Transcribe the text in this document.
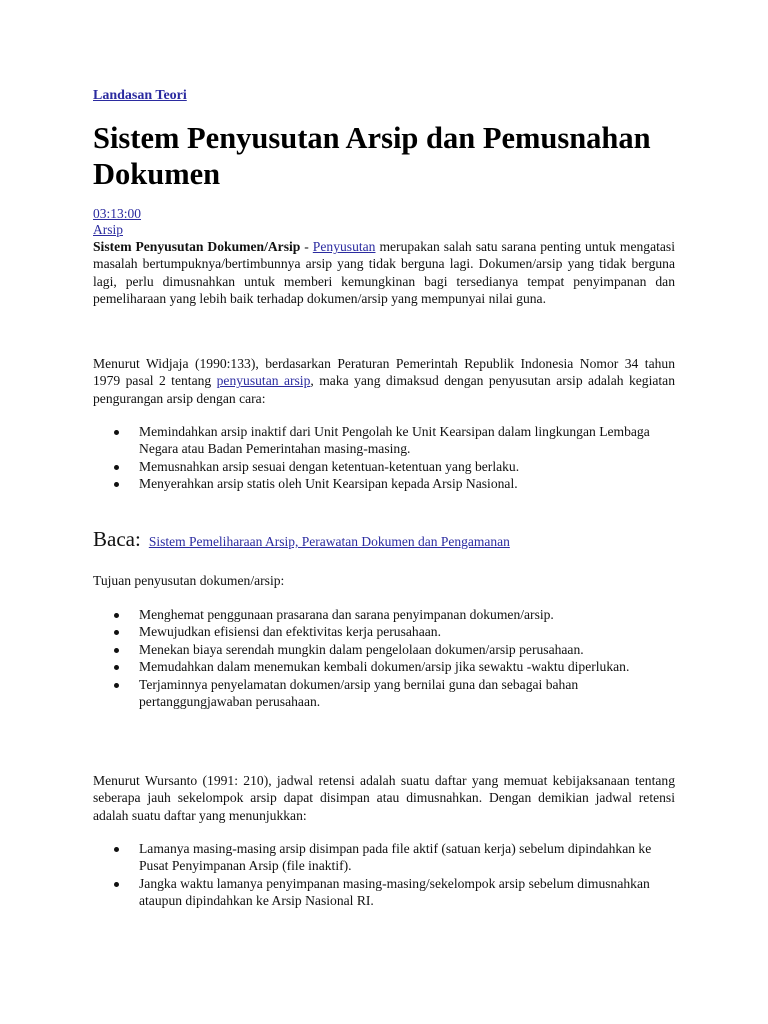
Landasan Teori
Sistem Penyusutan Arsip dan Pemusnahan Dokumen
03:13:00
Arsip

Sistem Penyusutan Dokumen/Arsip - Penyusutan merupakan salah satu sarana penting untuk mengatasi masalah bertumpuknya/bertimbunnya arsip yang tidak berguna lagi. Dokumen/arsip yang tidak berguna lagi, perlu dimusnahkan untuk memberi kemungkinan bagi tersedianya tempat penyimpanan dan pemeliharaan yang lebih baik terhadap dokumen/arsip yang mempunyai nilai guna.

Menurut Widjaja (1990:133), berdasarkan Peraturan Pemerintah Republik Indonesia Nomor 34 tahun 1979 pasal 2 tentang penyusutan arsip, maka yang dimaksud dengan penyusutan arsip adalah kegiatan pengurangan arsip dengan cara:

Memindahkan arsip inaktif dari Unit Pengolah ke Unit Kearsipan dalam lingkungan Lembaga Negara atau Badan Pemerintahan masing-masing.
Memusnahkan arsip sesuai dengan ketentuan-ketentuan yang berlaku.
Menyerahkan arsip statis oleh Unit Kearsipan kepada Arsip Nasional.
Baca: Sistem Pemeliharaan Arsip, Perawatan Dokumen dan Pengamanan

Tujuan penyusutan dokumen/arsip:

Menghemat penggunaan prasarana dan sarana penyimpanan dokumen/arsip.
Mewujudkan efisiensi dan efektivitas kerja perusahaan.
Menekan biaya serendah mungkin dalam pengelolaan dokumen/arsip perusahaan.
Memudahkan dalam menemukan kembali dokumen/arsip jika sewaktu -waktu diperlukan.
Terjaminnya penyelamatan dokumen/arsip yang bernilai guna dan sebagai bahan pertanggungjawaban perusahaan.

Menurut Wursanto (1991: 210), jadwal retensi adalah suatu daftar yang memuat kebijaksanaan tentang seberapa jauh sekelompok arsip dapat disimpan atau dimusnahkan. Dengan demikian jadwal retensi adalah suatu daftar yang menunjukkan:

Lamanya masing-masing arsip disimpan pada file aktif (satuan kerja) sebelum dipindahkan ke Pusat Penyimpanan Arsip (file inaktif).
Jangka waktu lamanya penyimpanan masing-masing/sekelompok arsip sebelum dimusnahkan ataupun dipindahkan ke Arsip Nasional RI.
